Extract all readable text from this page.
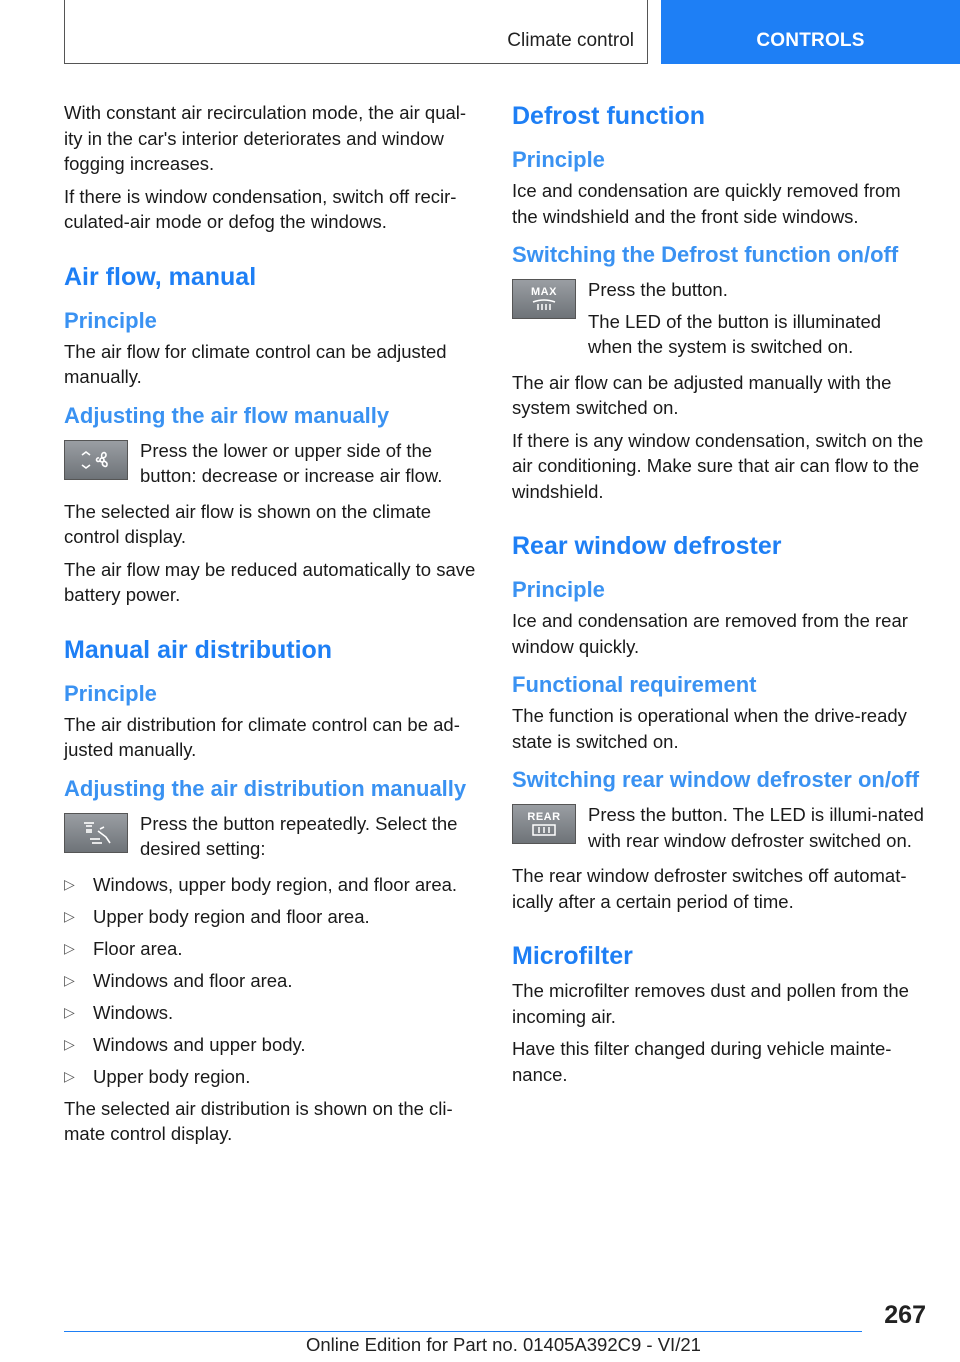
Climate control	CONTROLS

With constant air recirculation mode, the air qual-ity in the car's interior deteriorates and window fogging increases.

If there is window condensation, switch off recir-culated-air mode or defog the windows.

Air flow, manual
Principle

The air flow for climate control can be adjusted manually.

Adjusting the air flow manually

Press the lower or upper side of the button: decrease or increase air flow.

The selected air flow is shown on the climate control display.

The air flow may be reduced automatically to save battery power.

Manual air distribution
Principle

The air distribution for climate control can be ad-justed manually.

Adjusting the air distribution manually

Press the button repeatedly. Select the desired setting:

▷ Windows, upper body region, and floor area.
▷ Upper body region and floor area.
▷ Floor area.
▷ Windows and floor area.
▷ Windows.
▷ Windows and upper body.
▷ Upper body region.

The selected air distribution is shown on the cli-mate control display.

Defrost function
Principle

Ice and condensation are quickly removed from the windshield and the front side windows.

Switching the Defrost function on/off
MAX Press the button.

The LED of the button is illuminated when the system is switched on.

The air flow can be adjusted manually with the system switched on.

If there is any window condensation, switch on the air conditioning. Make sure that air can flow to the windshield.

Rear window defroster
Principle

Ice and condensation are removed from the rear window quickly.

Functional requirement

The function is operational when the drive-ready state is switched on.

Switching rear window defroster on/off
REAR Press the button. The LED is illumi-nated with rear window defroster switched on.

The rear window defroster switches off automat-ically after a certain period of time.

Microfilter

The microfilter removes dust and pollen from the incoming air.

Have this filter changed during vehicle mainte-nance.

267
Online Edition for Part no. 01405A392C9 - VI/21
